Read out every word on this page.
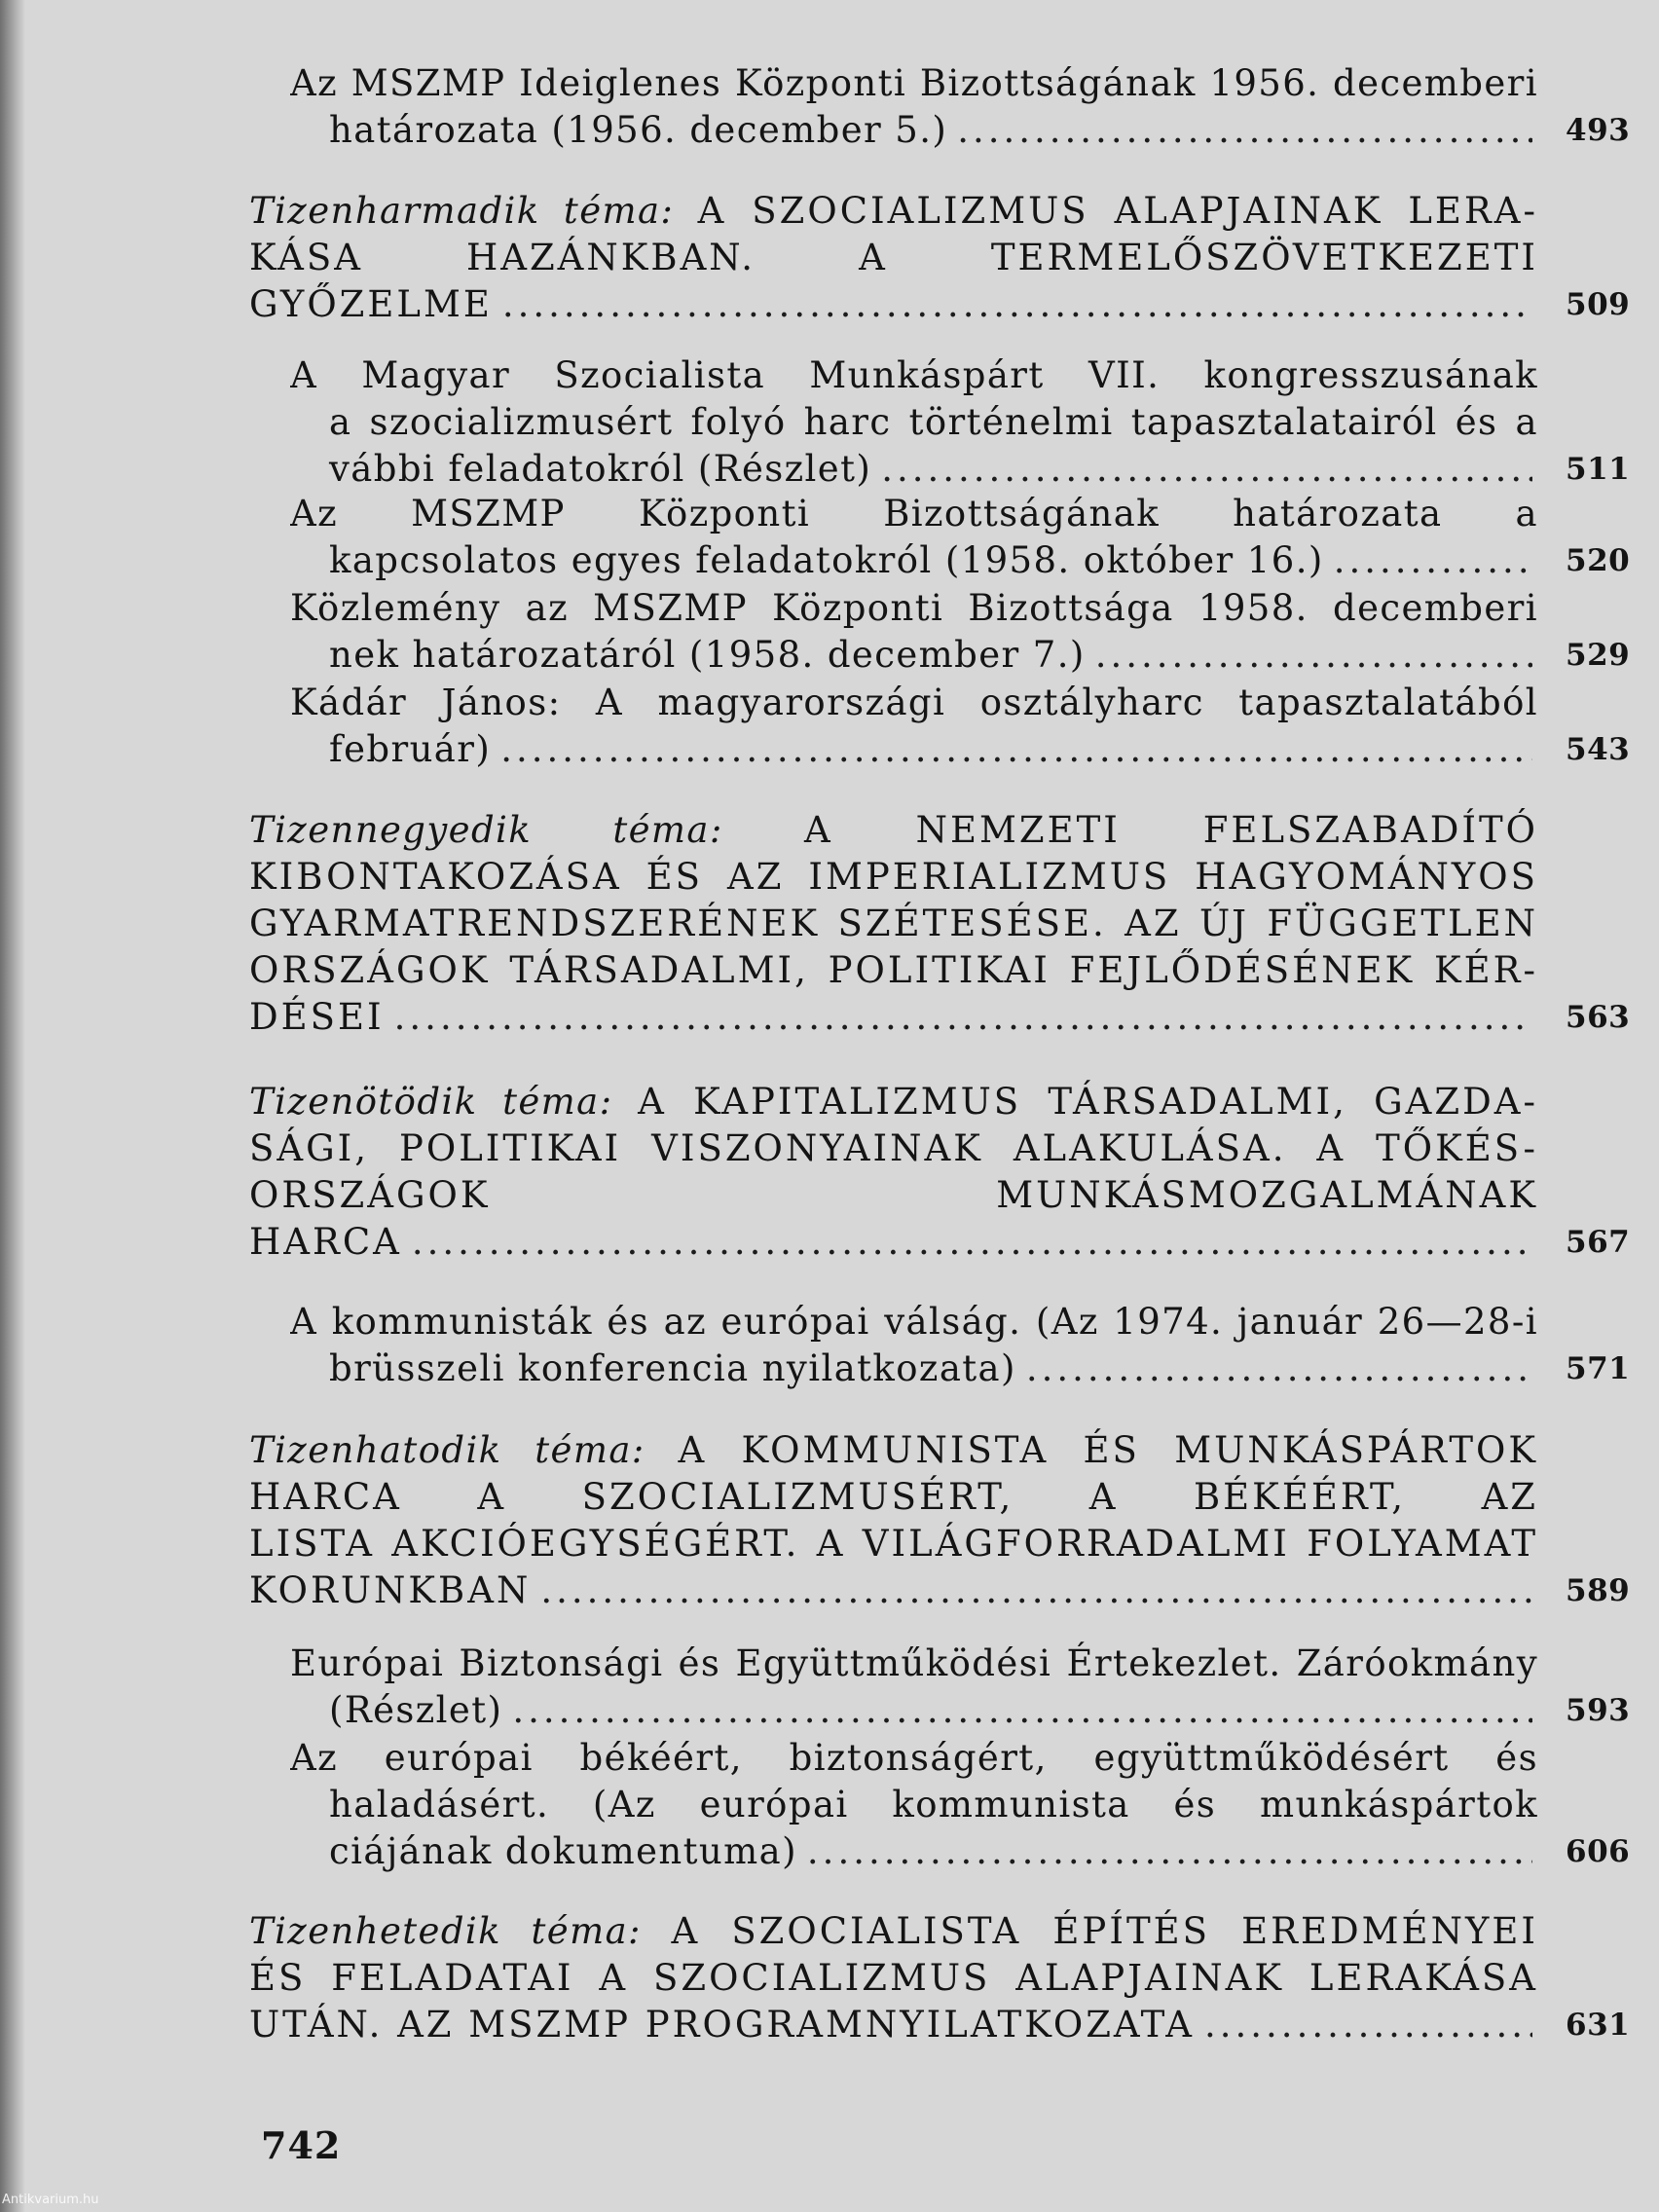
742
Antikvarium.hu
Az MSZMP Ideiglenes Központi Bizottságának 1956. decemberi
határozata (1956. december 5.) .....	493
Tizenharmadik téma: A SZOCIALIZMUS ALAPJAINAK LERA-
KÁSA HAZÁNKBAN. A TERMELŐSZÖVETKEZETI
GYŐZELME .....	509
A Magyar Szocialista Munkáspárt VII. kongresszusának
a szocializmusért folyó harc történelmi tapasztalatairól és a
vábbi feladatokról (Részlet) .....	511
Az MSZMP Központi Bizottságának határozata a
kapcsolatos egyes feladatokról (1958. október 16.) .....	520
Közlemény az MSZMP Központi Bizottsága 1958. decemberi
nek határozatáról (1958. december 7.) .....	529
Kádár János: A magyarországi osztályharc tapasztalatából
február) .....	543
Tizennegyedik téma: A NEMZETI FELSZABADÍTÓ
KIBONTAKOZÁSA ÉS AZ IMPERIALIZMUS HAGYOMÁNYOS
GYARMATRENDSZERÉNEK SZÉTESÉSE. AZ ÚJ FÜGGETLEN
ORSZÁGOK TÁRSADALMI, POLITIKAI FEJLŐDÉSÉNEK KÉR-
DÉSEI .....	563
Tizenötödik téma: A KAPITALIZMUS TÁRSADALMI, GAZDA-
SÁGI, POLITIKAI VISZONYAINAK ALAKULÁSA. A TŐKÉS-
ORSZÁGOK MUNKÁSMOZGALMÁNAK
HARCA .....	567
A kommunisták és az európai válság. (Az 1974. január 26—28-i
brüsszeli konferencia nyilatkozata) .....	571
Tizenhatodik téma: A KOMMUNISTA ÉS MUNKÁSPÁRTOK
HARCA A SZOCIALIZMUSÉRT, A BÉKÉÉRT, AZ
LISTA AKCIÓEGYSÉGÉRT. A VILÁGFORRADALMI FOLYAMAT
KORUNKBAN .....	589
Európai Biztonsági és Együttműködési Értekezlet. Záróokmány
(Részlet) .....	593
Az európai békéért, biztonságért, együttműködésért és
haladásért. (Az európai kommunista és munkáspártok
ciájának dokumentuma) .....	606
Tizenhetedik téma: A SZOCIALISTA ÉPÍTÉS EREDMÉNYEI
ÉS FELADATAI A SZOCIALIZMUS ALAPJAINAK LERAKÁSA
UTÁN. AZ MSZMP PROGRAMNYILATKOZATA .....	631
